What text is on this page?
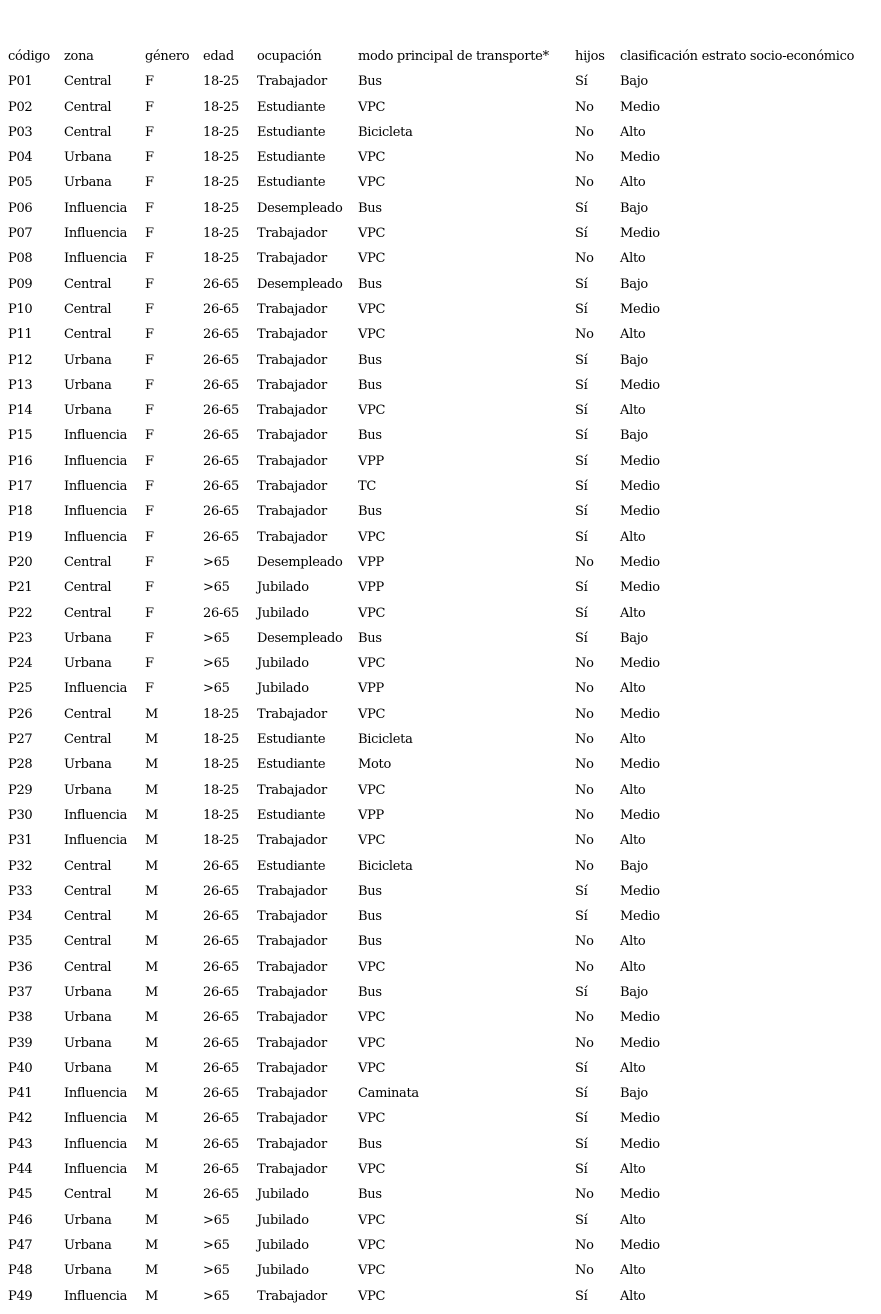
código	zona	género	edad	ocupación	modo principal de transporte*	hijos	clasificación estrato socio-económico
P01	Central	F	18-25	Trabajador	Bus	Sí	Bajo
P02	Central	F	18-25	Estudiante	VPC	No	Medio
P03	Central	F	18-25	Estudiante	Bicicleta	No	Alto
P04	Urbana	F	18-25	Estudiante	VPC	No	Medio
P05	Urbana	F	18-25	Estudiante	VPC	No	Alto
P06	Influencia	F	18-25	Desempleado	Bus	Sí	Bajo
P07	Influencia	F	18-25	Trabajador	VPC	Sí	Medio
P08	Influencia	F	18-25	Trabajador	VPC	No	Alto
P09	Central	F	26-65	Desempleado	Bus	Sí	Bajo
P10	Central	F	26-65	Trabajador	VPC	Sí	Medio
P11	Central	F	26-65	Trabajador	VPC	No	Alto
P12	Urbana	F	26-65	Trabajador	Bus	Sí	Bajo
P13	Urbana	F	26-65	Trabajador	Bus	Sí	Medio
P14	Urbana	F	26-65	Trabajador	VPC	Sí	Alto
P15	Influencia	F	26-65	Trabajador	Bus	Sí	Bajo
P16	Influencia	F	26-65	Trabajador	VPP	Sí	Medio
P17	Influencia	F	26-65	Trabajador	TC	Sí	Medio
P18	Influencia	F	26-65	Trabajador	Bus	Sí	Medio
P19	Influencia	F	26-65	Trabajador	VPC	Sí	Alto
P20	Central	F	>65	Desempleado	VPP	No	Medio
P21	Central	F	>65	Jubilado	VPP	Sí	Medio
P22	Central	F	26-65	Jubilado	VPC	Sí	Alto
P23	Urbana	F	>65	Desempleado	Bus	Sí	Bajo
P24	Urbana	F	>65	Jubilado	VPC	No	Medio
P25	Influencia	F	>65	Jubilado	VPP	No	Alto
P26	Central	M	18-25	Trabajador	VPC	No	Medio
P27	Central	M	18-25	Estudiante	Bicicleta	No	Alto
P28	Urbana	M	18-25	Estudiante	Moto	No	Medio
P29	Urbana	M	18-25	Trabajador	VPC	No	Alto
P30	Influencia	M	18-25	Estudiante	VPP	No	Medio
P31	Influencia	M	18-25	Trabajador	VPC	No	Alto
P32	Central	M	26-65	Estudiante	Bicicleta	No	Bajo
P33	Central	M	26-65	Trabajador	Bus	Sí	Medio
P34	Central	M	26-65	Trabajador	Bus	Sí	Medio
P35	Central	M	26-65	Trabajador	Bus	No	Alto
P36	Central	M	26-65	Trabajador	VPC	No	Alto
P37	Urbana	M	26-65	Trabajador	Bus	Sí	Bajo
P38	Urbana	M	26-65	Trabajador	VPC	No	Medio
P39	Urbana	M	26-65	Trabajador	VPC	No	Medio
P40	Urbana	M	26-65	Trabajador	VPC	Sí	Alto
P41	Influencia	M	26-65	Trabajador	Caminata	Sí	Bajo
P42	Influencia	M	26-65	Trabajador	VPC	Sí	Medio
P43	Influencia	M	26-65	Trabajador	Bus	Sí	Medio
P44	Influencia	M	26-65	Trabajador	VPC	Sí	Alto
P45	Central	M	26-65	Jubilado	Bus	No	Medio
P46	Urbana	M	>65	Jubilado	VPC	Sí	Alto
P47	Urbana	M	>65	Jubilado	VPC	No	Medio
P48	Urbana	M	>65	Jubilado	VPC	No	Alto
P49	Influencia	M	>65	Trabajador	VPC	Sí	Alto
